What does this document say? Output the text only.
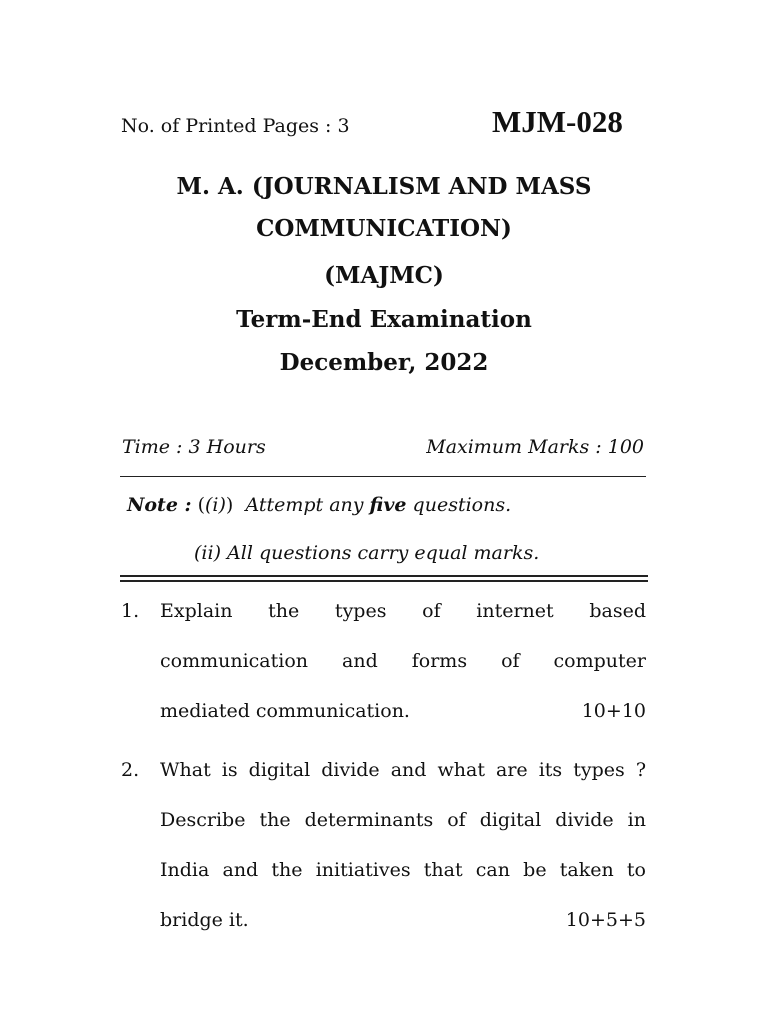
No. of Printed Pages : 3	MJM-028
M. A. (JOURNALISM AND MASS
COMMUNICATION)
(MAJMC)
Term-End Examination
December, 2022
Time : 3 Hours	Maximum Marks : 100
Note : ((i)) Attempt any five questions.
(ii) All questions carry equal marks.
1. Explain the types of internet based
communication and forms of computer
mediated communication.	10+10
2. What is digital divide and what are its types ?
Describe the determinants of digital divide in
India and the initiatives that can be taken to
bridge it.	10+5+5
